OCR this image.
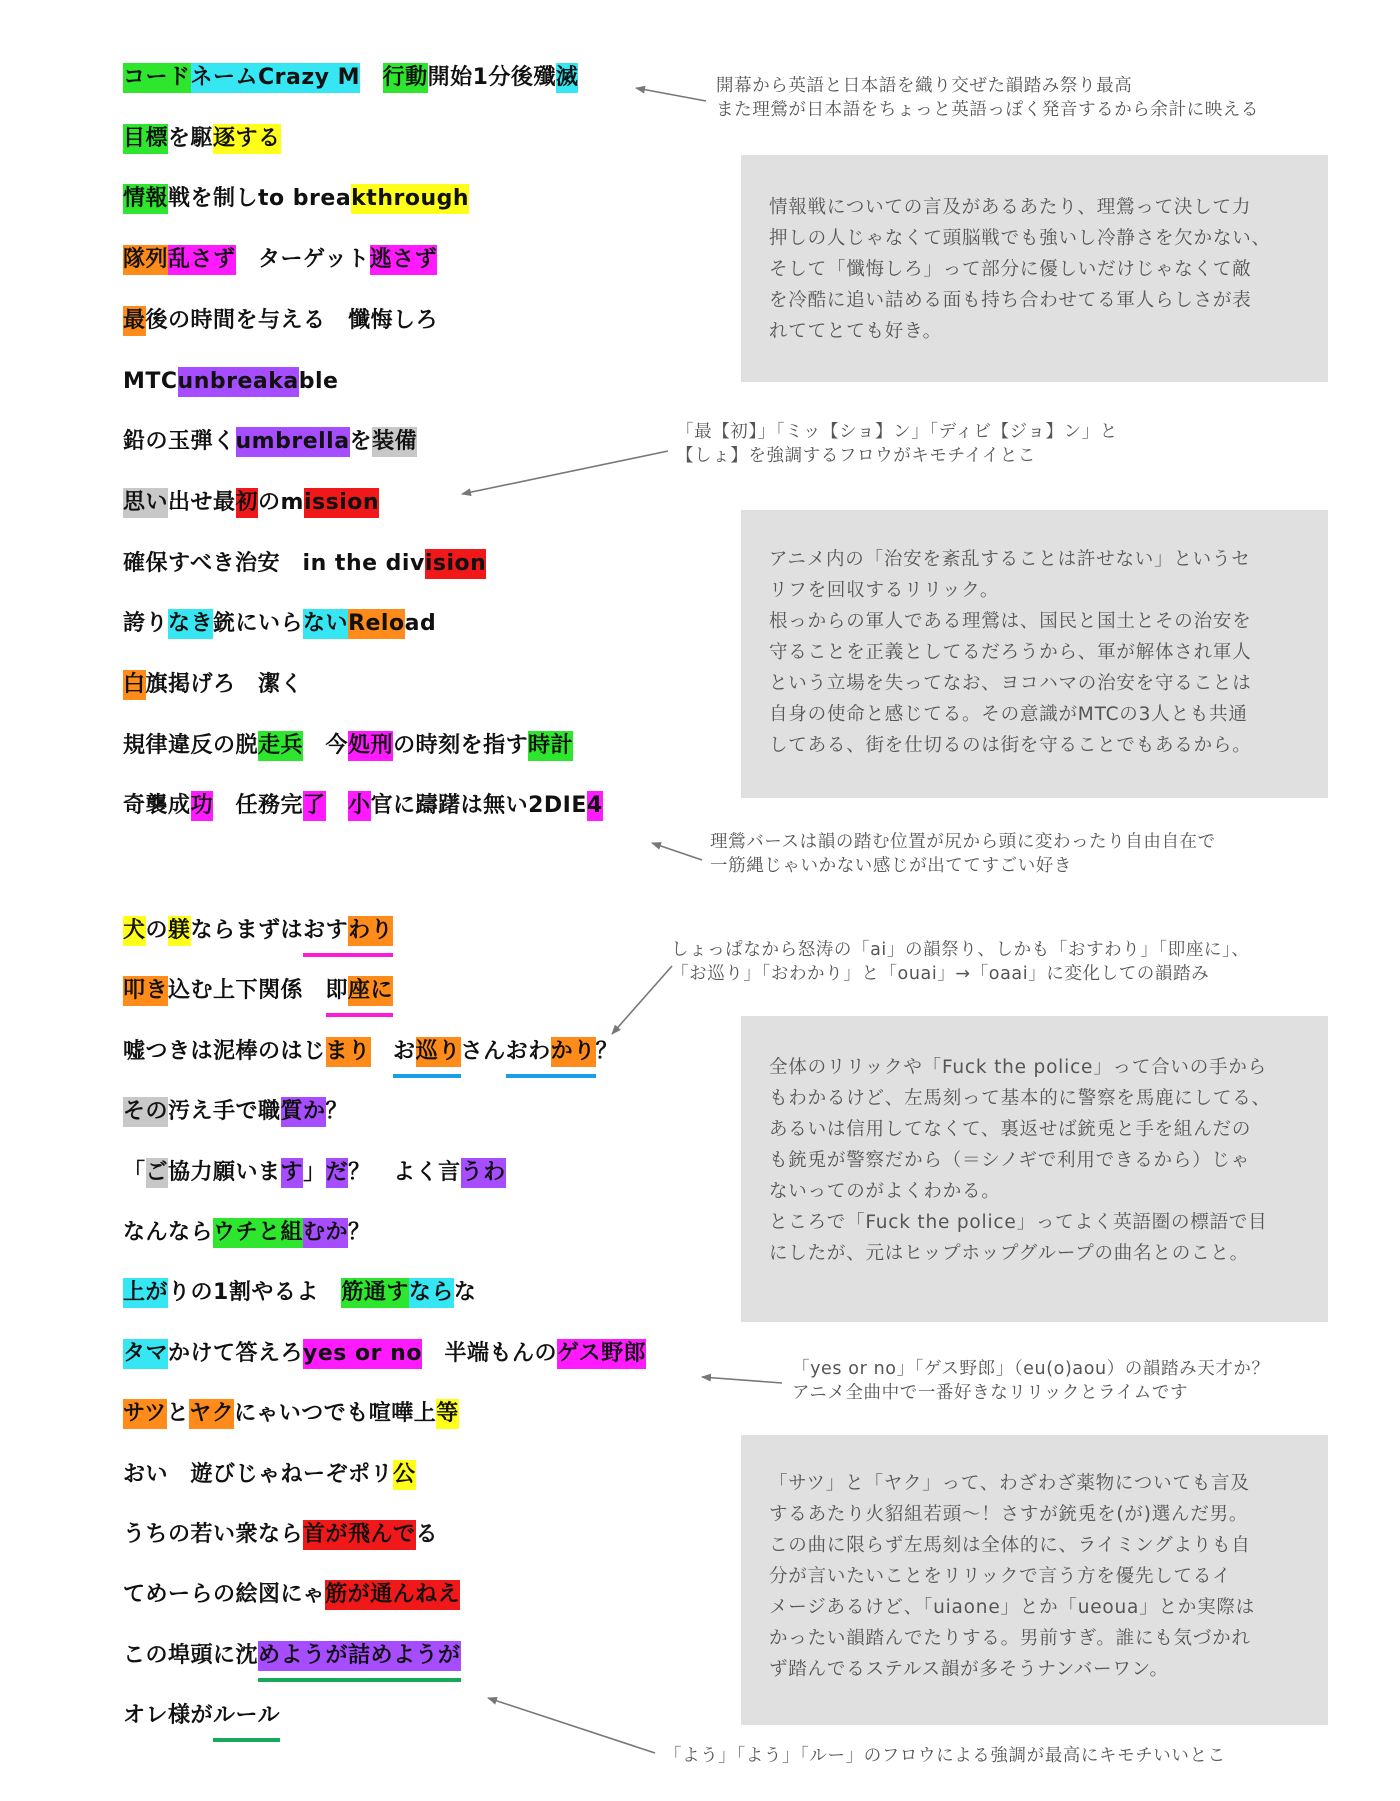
コードネームCrazy M　 行動開始1分後殲滅
目標を駆逐する
情報戦を制しto breakthrough
隊列乱さず　ターゲット逃さず
最後の時間を与える　懺悔しろ
MTCunbreakable
鉛の玉弾くumbrellaを装備
思い出せ最初のmission
確保すべき治安　in the division
誇りなき銃にいらないReload
白旗掲げろ　潔く
規律違反の脱走兵　今処刑の時刻を指す時計
奇襲成功　任務完了　 小官に躊躇は無い2DIE4
犬の躾ならまずはおす
わり
叩き込む上下関係　即
座に
嘘つきは泥棒のはじまり　 お
巡り
さんおわ
かり
？
その汚え手で職質か？
「ご協力願います」だ？　よく言うわ
なんならウチと組むか？
上がりの1割やるよ　筋通すならな
タマかけて答えろyes or no　半端もんのゲス野郎
サツとヤクにゃいつでも喧嘩上等
おい　遊びじゃねーぞポリ公
うちの若い衆なら首が飛んでる
てめーらの絵図にゃ筋が通んねえ
この埠頭に沈めようが
詰めようが
オレ様がルール

開幕から英語と日本語を織り交ぜた韻踏み祭り最高

また理鶯が日本語をちょっと英語っぽく発音するから余計に映える

「最【初】」「ミッ【ショ】ン」「ディビ【ジョ】ン」と

【しょ】を強調するフロウがキモチイイとこ

理鶯バースは韻の踏む位置が尻から頭に変わったり自由自在で

一筋縄じゃいかない感じが出ててすごい好き

しょっぱなから怒涛の「ai」の韻祭り、しかも「おすわり」「即座に」、

「お巡り」「おわかり」と「ouai」→「oaai」に変化しての韻踏み

「yes or no」「ゲス野郎」（eu(o)aou）の韻踏み天才か？

アニメ全曲中で一番好きなリリックとライムです

「よう」「よう」「ルー」のフロウによる強調が最高にキモチいいとこ

情報戦についての言及があるあたり、理鶯って決して力

押しの人じゃなくて頭脳戦でも強いし冷静さを欠かない、

そして「懺悔しろ」って部分に優しいだけじゃなくて敵

を冷酷に追い詰める面も持ち合わせてる軍人らしさが表

れててとても好き。

アニメ内の「治安を紊乱することは許せない」というセ

リフを回収するリリック。

根っからの軍人である理鶯は、国民と国土とその治安を

守ることを正義としてるだろうから、軍が解体され軍人

という立場を失ってなお、ヨコハマの治安を守ることは

自身の使命と感じてる。その意識がMTCの3人とも共通

してある、街を仕切るのは街を守ることでもあるから。

全体のリリックや「Fuck the police」って合いの手から

もわかるけど、左馬刻って基本的に警察を馬鹿にしてる、

あるいは信用してなくて、裏返せば銃兎と手を組んだの

も銃兎が警察だから（＝シノギで利用できるから）じゃ

ないってのがよくわかる。

ところで「Fuck the police」ってよく英語圏の標語で目

にしたが、元はヒップホップグループの曲名とのこと。

「サツ」と「ヤク」って、わざわざ薬物についても言及

するあたり火貂組若頭〜！さすが銃兎を(が)選んだ男。

この曲に限らず左馬刻は全体的に、ライミングよりも自

分が言いたいことをリリックで言う方を優先してるイ

メージあるけど、「uiaone」とか「ueoua」とか実際は

かったい韻踏んでたりする。男前すぎ。誰にも気づかれ

ず踏んでるステルス韻が多そうナンバーワン。
